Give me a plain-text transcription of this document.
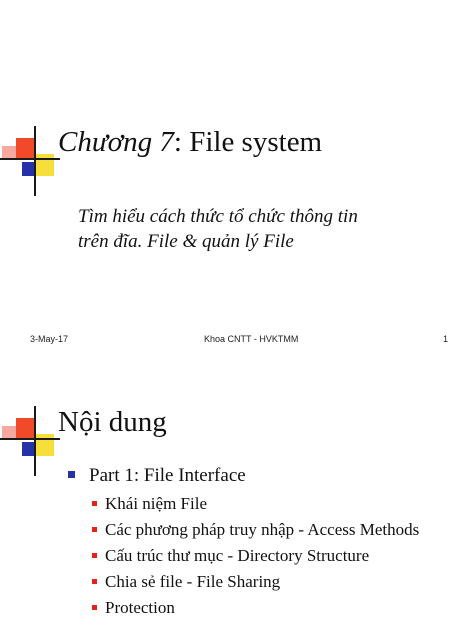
Chương 7: File system
Tìm hiểu cách thức tổ chức thông tin
trên đĩa. File & quản lý File
3-May-17	Khoa CNTT - HVKTMM	1
Nội dung
Part 1: File Interface
Khái niệm File
Các phương pháp truy nhập - Access Methods
Cấu trúc thư mục - Directory Structure
Chia sẻ file - File Sharing
Protection
